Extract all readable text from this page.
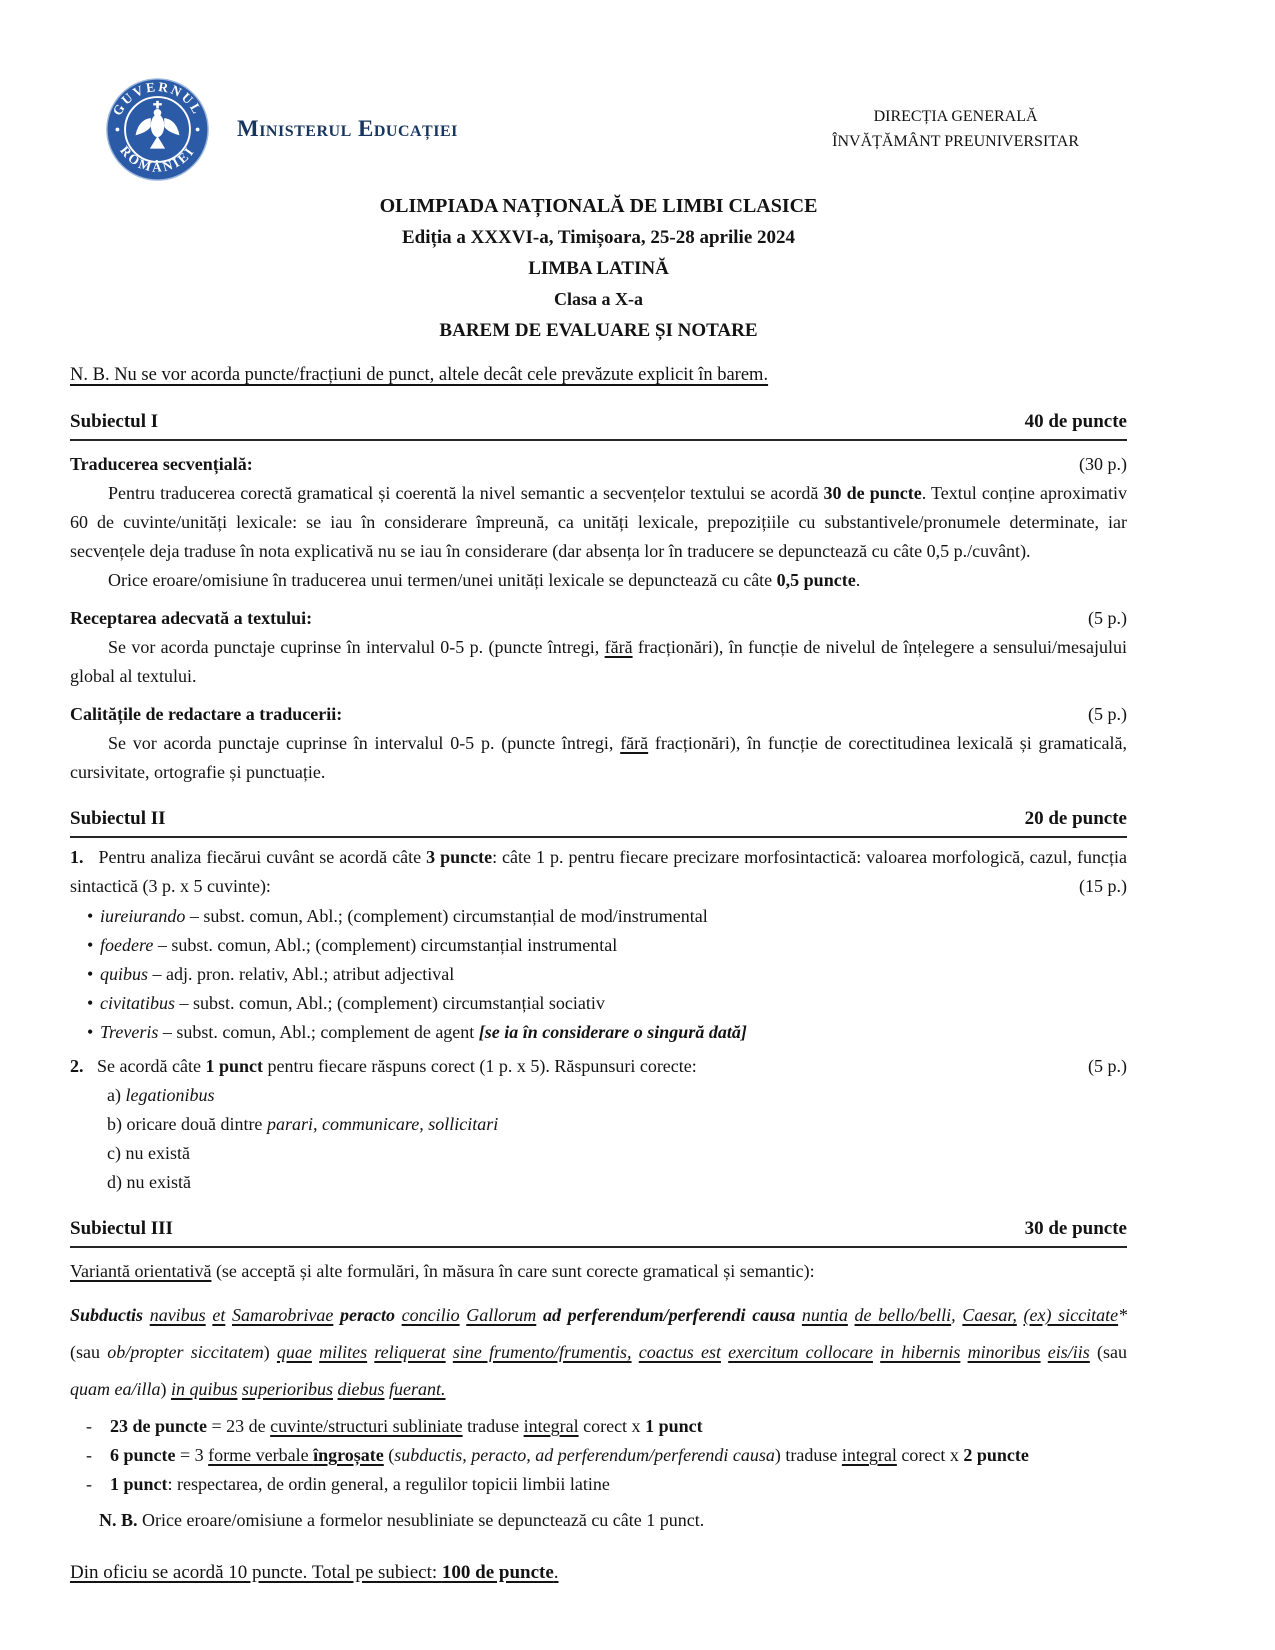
GUVERNUL
ROMÂNIEI
Ministerul Educației	DIRECȚIA GENERALĂ
ÎNVĂȚĂMÂNT PREUNIVERSITAR
OLIMPIADA NAȚIONALĂ DE LIMBI CLASICE
Ediția a XXXVI-a, Timișoara, 25-28 aprilie 2024
LIMBA LATINĂ
Clasa a X-a
BAREM DE EVALUARE ȘI NOTARE

N. B. Nu se vor acorda puncte/fracțiuni de punct, altele decât cele prevăzute explicit în barem.

Subiectul I	40 de puncte
Traducerea secvențială:	(30 p.)

Pentru traducerea corectă gramatical și coerentă la nivel semantic a secvențelor textului se acordă 30 de puncte. Textul conține aproximativ 60 de cuvinte/unități lexicale: se iau în considerare împreună, ca unități lexicale, prepozițiile cu substantivele/pronumele determinate, iar secvențele deja traduse în nota explicativă nu se iau în considerare (dar absența lor în traducere se depunctează cu câte 0,5 p./cuvânt).

Orice eroare/omisiune în traducerea unui termen/unei unități lexicale se depunctează cu câte 0,5 puncte.

Receptarea adecvată a textului:	(5 p.)

Se vor acorda punctaje cuprinse în intervalul 0-5 p. (puncte întregi, fără fracționări), în funcție de nivelul de înțelegere a sensului/mesajului global al textului.

Calitățile de redactare a traducerii:	(5 p.)

Se vor acorda punctaje cuprinse în intervalul 0-5 p. (puncte întregi, fără fracționări), în funcție de corectitudinea lexicală și gramaticală, cursivitate, ortografie și punctuație.

Subiectul II	20 de puncte

1. Pentru analiza fiecărui cuvânt se acordă câte 3 puncte: câte 1 p. pentru fiecare precizare morfosintactică: valoarea morfologică, cazul, funcția sintactică (3 p. x 5 cuvinte):	(15 p.)
• iureiurando – subst. comun, Abl.; (complement) circumstanțial de mod/instrumental
• foedere – subst. comun, Abl.; (complement) circumstanțial instrumental
• quibus – adj. pron. relativ, Abl.; atribut adjectival
• civitatibus – subst. comun, Abl.; (complement) circumstanțial sociativ
• Treveris – subst. comun, Abl.; complement de agent [se ia în considerare o singură dată]

2. Se acordă câte 1 punct pentru fiecare răspuns corect (1 p. x 5). Răspunsuri corecte:	(5 p.)

a) legationibus

b) oricare două dintre parari, communicare, sollicitari

c) nu există

d) nu există

Subiectul III	30 de puncte

Variantă orientativă (se acceptă și alte formulări, în măsura în care sunt corecte gramatical și semantic):

Subductis navibus et Samarobrivae peracto concilio Gallorum ad perferendum/perferendi causa nuntia de bello/belli, Caesar, (ex) siccitate* (sau ob/propter siccitatem) quae milites reliquerat sine frumento/frumentis, coactus est exercitum collocare in hibernis minoribus eis/iis (sau quam ea/illa) in quibus superioribus diebus fuerant.

- 23 de puncte = 23 de cuvinte/structuri subliniate traduse integral corect x 1 punct

- 6 puncte = 3 forme verbale îngroșate (subductis, peracto, ad perferendum/perferendi causa) traduse integral corect x 2 puncte

- 1 punct: respectarea, de ordin general, a regulilor topicii limbii latine

N. B. Orice eroare/omisiune a formelor nesubliniate se depunctează cu câte 1 punct.

Din oficiu se acordă 10 puncte. Total pe subiect: 100 de puncte.
